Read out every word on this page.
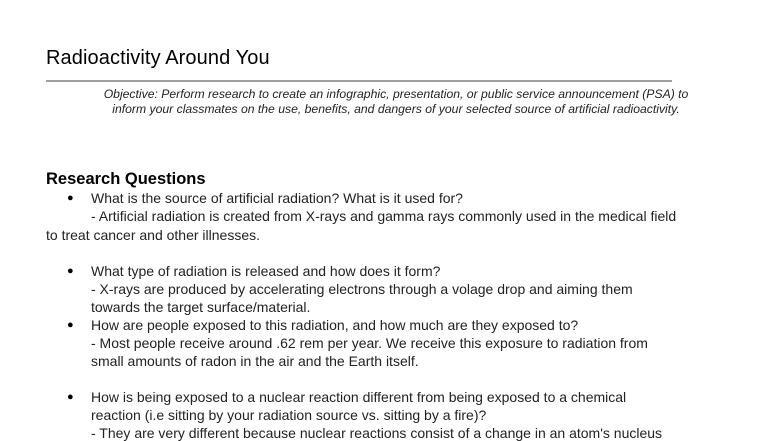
Radioactivity Around You
Objective: Perform research to create an infographic, presentation, or public service announcement (PSA) to
inform your classmates on the use, benefits, and dangers of your selected source of artificial radioactivity.
Research Questions
● What is the source of artificial radiation? What is it used for?
- Artificial radiation is created from X-rays and gamma rays commonly used in the medical field
to treat cancer and other illnesses.
● What type of radiation is released and how does it form?
- X-rays are produced by accelerating electrons through a volage drop and aiming them
towards the target surface/material.
● How are people exposed to this radiation, and how much are they exposed to?
- Most people receive around .62 rem per year. We receive this exposure to radiation from
small amounts of radon in the air and the Earth itself.
● How is being exposed to a nuclear reaction different from being exposed to a chemical
reaction (i.e sitting by your radiation source vs. sitting by a fire)?
- They are very different because nuclear reactions consist of a change in an atom's nucleus
